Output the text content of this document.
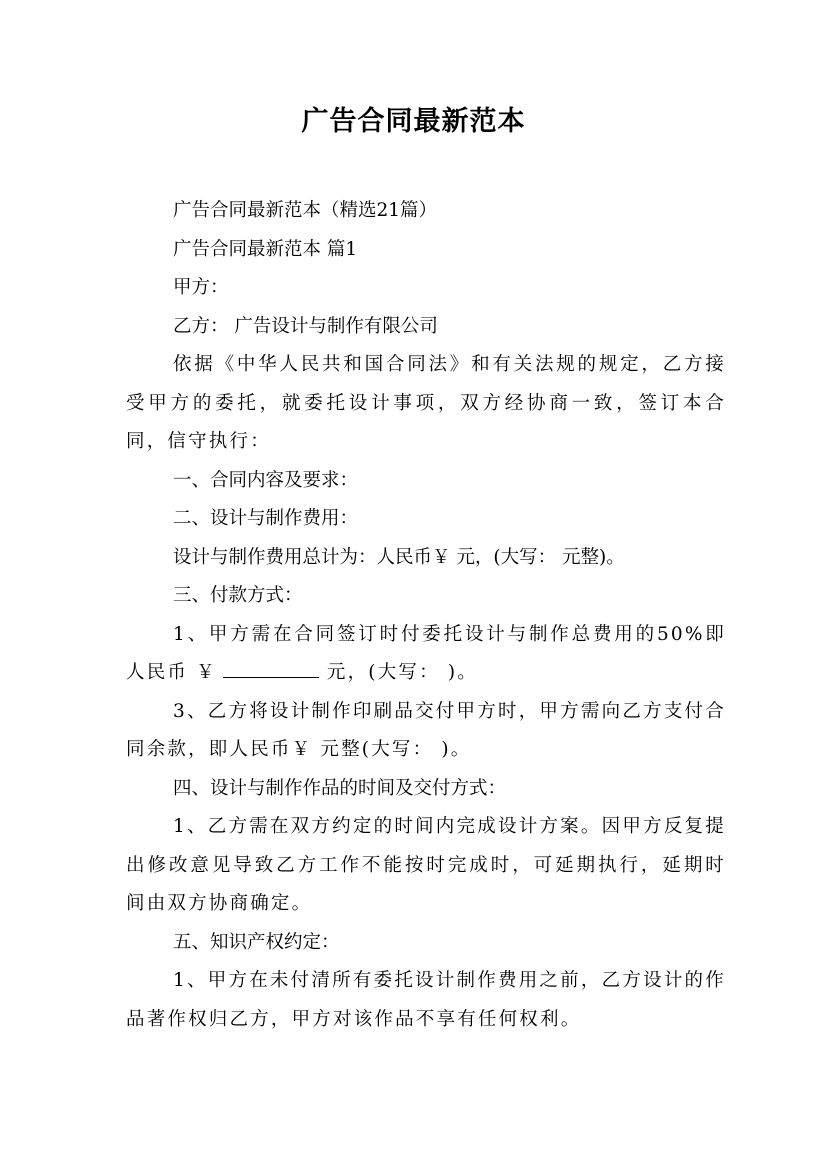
广告合同最新范本

广告合同最新范本（精选21篇）

广告合同最新范本 篇1

甲方：

乙方： 广告设计与制作有限公司

依据《中华人民共和国合同法》和有关法规的规定，乙方接受甲方的委托，就委托设计事项，双方经协商一致，签订本合同，信守执行：

一、合同内容及要求：

二、设计与制作费用：

设计与制作费用总计为：人民币￥ 元，(大写： 元整)。

三、付款方式：

1、甲方需在合同签订时付委托设计与制作总费用的50%即人民币 ￥	元，(大写： )。

3、乙方将设计制作印刷品交付甲方时，甲方需向乙方支付合同余款，即人民币￥ 元整(大写： )。

四、设计与制作作品的时间及交付方式：

1、乙方需在双方约定的时间内完成设计方案。因甲方反复提出修改意见导致乙方工作不能按时完成时，可延期执行，延期时间由双方协商确定。

五、知识产权约定：

1、甲方在未付清所有委托设计制作费用之前，乙方设计的作品著作权归乙方，甲方对该作品不享有任何权利。
